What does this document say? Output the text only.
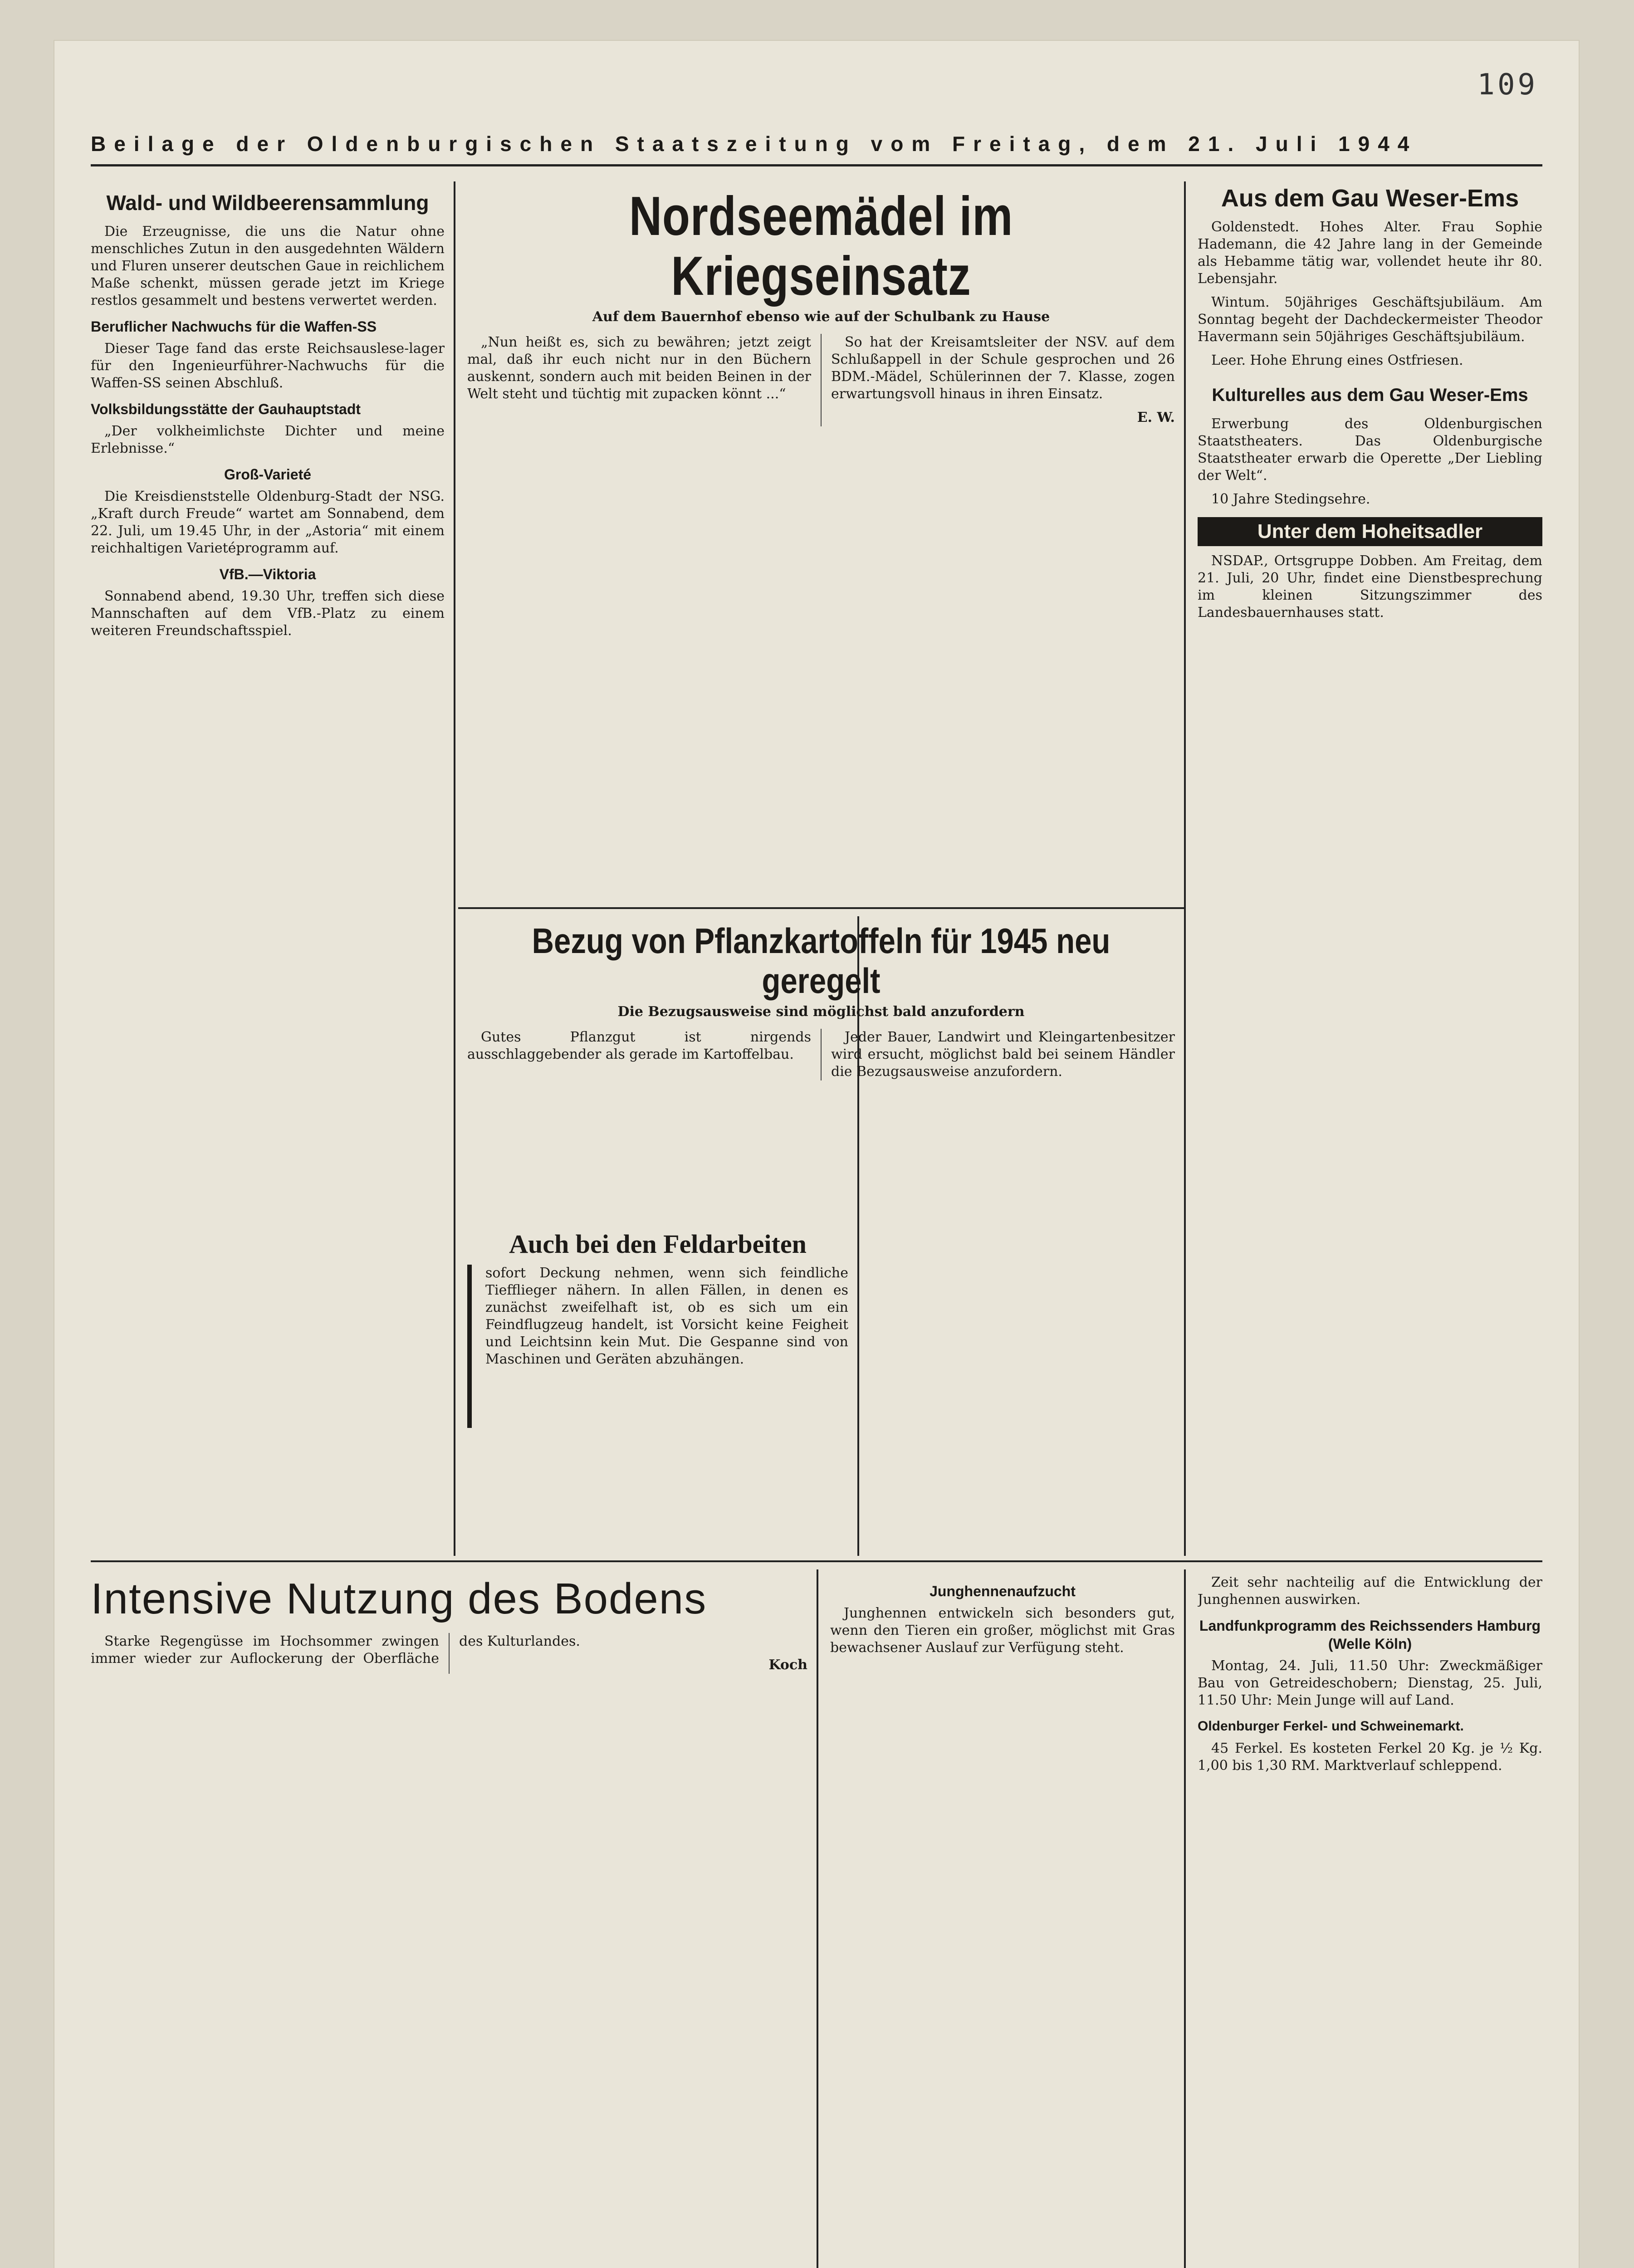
109
Beilage der Oldenburgischen Staatszeitung vom Freitag, dem 21. Juli 1944
Wald- und Wildbeerensammlung

Die Erzeugnisse, die uns die Natur ohne menschliches Zutun in den ausgedehnten Wäldern und Fluren unserer deutschen Gaue in reichlichem Maße schenkt, müssen gerade jetzt im Kriege restlos gesammelt und bestens verwertet werden.

Beruflicher Nachwuchs für die Waffen-SS

Dieser Tage fand das erste Reichsauslese-lager für den Ingenieurführer-Nachwuchs für die Waffen-SS seinen Abschluß.

Volksbildungsstätte der Gauhauptstadt

„Der volkheimlichste Dichter und meine Erlebnisse.“

Groß-Varieté

Die Kreisdienststelle Oldenburg-Stadt der NSG. „Kraft durch Freude“ wartet am Sonnabend, dem 22. Juli, um 19.45 Uhr, in der „Astoria“ mit einem reichhaltigen Varietéprogramm auf.

VfB.—Viktoria

Sonnabend abend, 19.30 Uhr, treffen sich diese Mannschaften auf dem VfB.-Platz zu einem weiteren Freundschaftsspiel.

Nordseemädel im Kriegseinsatz
Auf dem Bauernhof ebenso wie auf der Schulbank zu Hause

„Nun heißt es, sich zu bewähren; jetzt zeigt mal, daß ihr euch nicht nur in den Büchern auskennt, sondern auch mit beiden Beinen in der Welt steht und tüchtig mit zupacken könnt ...“

So hat der Kreisamtsleiter der NSV. auf dem Schlußappell in der Schule gesprochen und 26 BDM.-Mädel, Schülerinnen der 7. Klasse, zogen erwartungsvoll hinaus in ihren Einsatz.

E. W.

Bezug von Pflanzkartoffeln für 1945 neu geregelt
Die Bezugsausweise sind möglichst bald anzufordern

Gutes Pflanzgut ist nirgends ausschlaggebender als gerade im Kartoffelbau.

Jeder Bauer, Landwirt und Kleingartenbesitzer wird ersucht, möglichst bald bei seinem Händler die Bezugsausweise anzufordern.

Auch bei den Feldarbeiten

sofort Deckung nehmen, wenn sich feindliche Tiefflieger nähern. In allen Fällen, in denen es zunächst zweifelhaft ist, ob es sich um ein Feindflugzeug handelt, ist Vorsicht keine Feigheit und Leichtsinn kein Mut. Die Gespanne sind von Maschinen und Geräten abzuhängen.

Aus dem Gau Weser-Ems

Goldenstedt. Hohes Alter. Frau Sophie Hademann, die 42 Jahre lang in der Gemeinde als Hebamme tätig war, vollendet heute ihr 80. Lebensjahr.

Wintum. 50jähriges Geschäftsjubiläum. Am Sonntag begeht der Dachdeckermeister Theodor Havermann sein 50jähriges Geschäftsjubiläum.

Leer. Hohe Ehrung eines Ostfriesen.

Kulturelles aus dem Gau Weser-Ems

Erwerbung des Oldenburgischen Staatstheaters. Das Oldenburgische Staatstheater erwarb die Operette „Der Liebling der Welt“.

10 Jahre Stedingsehre.

Unter dem Hoheitsadler

NSDAP., Ortsgruppe Dobben. Am Freitag, dem 21. Juli, 20 Uhr, findet eine Dienstbesprechung im kleinen Sitzungszimmer des Landesbauernhauses statt.

Intensive Nutzung des Bodens

Starke Regengüsse im Hochsommer zwingen immer wieder zur Auflockerung der Oberfläche des Kulturlandes.

Koch

Junghennenaufzucht

Junghennen entwickeln sich besonders gut, wenn den Tieren ein großer, möglichst mit Gras bewachsener Auslauf zur Verfügung steht.

Zeit sehr nachteilig auf die Entwicklung der Junghennen auswirken.

Landfunkprogramm des Reichssenders Hamburg (Welle Köln)

Montag, 24. Juli, 11.50 Uhr: Zweckmäßiger Bau von Getreideschobern; Dienstag, 25. Juli, 11.50 Uhr: Mein Junge will auf Land.

Oldenburger Ferkel- und Schweinemarkt.

45 Ferkel. Es kosteten Ferkel 20 Kg. je ½ Kg. 1,00 bis 1,30 RM. Marktverlauf schleppend.
